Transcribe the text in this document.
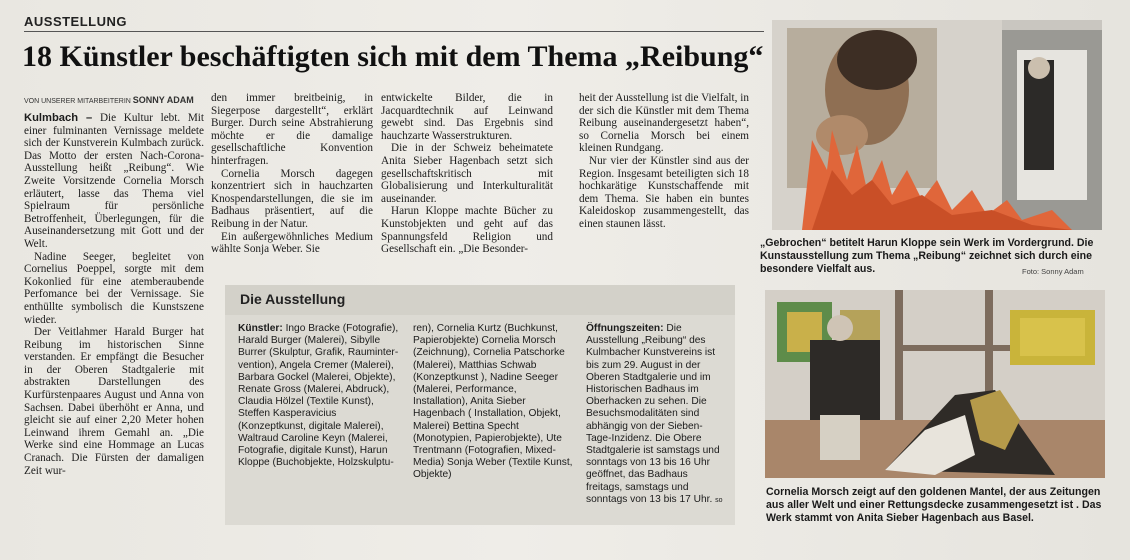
AUSSTELLUNG
18 Künstler beschäftigten sich mit dem Thema „Reibung“
VON UNSERER MITARBEITERIN SONNY ADAM

Kulmbach – Die Kultur lebt. Mit einer fulminanten Vernissage meldete sich der Kunstverein Kulmbach zurück. Das Motto der ersten Nach-Corona-Ausstellung heißt „Reibung“. Wie Zweite Vorsitzende Cornelia Morsch erläutert, lasse das Thema viel Spielraum für persönliche Betroffenheit, Überlegungen, für die Auseinandersetzung mit Gott und der Welt.

Nadine Seeger, begleitet von Cornelius Poeppel, sorgte mit dem Kokonlied für eine atemberaubende Perfomance bei der Vernissage. Sie enthüllte symbolisch die Kunstszene wieder.

Der Veitlahmer Harald Burger hat Reibung im historischen Sinne verstanden. Er empfängt die Besucher in der Oberen Stadtgalerie mit abstrakten Darstellungen des Kurfürstenpaares August und Anna von Sachsen. Dabei überhöht er Anna, und gleicht sie auf einer 2,20 Meter hohen Leinwand ihrem Gemahl an. „Die Werke sind eine Hommage an Lucas Cranach. Die Fürsten der damaligen Zeit wur-

den immer breitbeinig, in Siegerpose dargestellt“, erklärt Burger. Durch seine Abstrahierung möchte er die damalige gesellschaftliche Konvention hinterfragen.

Cornelia Morsch dagegen konzentriert sich in hauchzarten Knospendarstellungen, die sie im Badhaus präsentiert, auf die Reibung in der Natur.

Ein außergewöhnliches Medium wählte Sonja Weber. Sie

entwickelte Bilder, die in Jacquardtechnik auf Leinwand gewebt sind. Das Ergebnis sind hauchzarte Wasserstrukturen.

Die in der Schweiz beheimatete Anita Sieber Hagenbach setzt sich gesellschaftskritisch mit Globalisierung und Interkulturalität auseinander.

Harun Kloppe machte Bücher zu Kunstobjekten und geht auf das Spannungsfeld Religion und Gesellschaft ein. „Die Besonder-

heit der Ausstellung ist die Vielfalt, in der sich die Künstler mit dem Thema Reibung auseinandergesetzt haben“, so Cornelia Morsch bei einem kleinen Rundgang.

Nur vier der Künstler sind aus der Region. Insgesamt beteiligten sich 18 hochkarätige Kunstschaffende mit dem Thema. Sie haben ein buntes Kaleidoskop zusammengestellt, das einen staunen lässt.

Die Ausstellung
Künstler: Ingo Bracke (Fotografie), Harald Burger (Malerei), Sibylle Burrer (Skulptur, Grafik, Raumintervention), Angela Cremer (Malerei), Barbara Gockel (Malerei, Objekte), Renate Gross (Malerei, Abdruck), Claudia Hölzel (Textile Kunst), Steffen Kasperavicius (Konzeptkunst, digitale Malerei), Waltraud Caroline Keyn (Malerei, Fotografie, digitale Kunst), Harun Kloppe (Buchobjekte, Holzskulptu-
ren), Cornelia Kurtz (Buchkunst, Papierobjekte) Cornelia Morsch (Zeichnung), Cornelia Patschorke (Malerei), Matthias Schwab (Konzeptkunst ), Nadine Seeger (Malerei, Performance, Installation), Anita Sieber Hagenbach ( Installation, Objekt, Malerei) Bettina Specht (Monotypien, Papierobjekte), Ute Trentmann (Fotografien, Mixed-Media) Sonja Weber (Textile Kunst, Objekte)
Öffnungszeiten: Die Ausstellung „Reibung“ des Kulmbacher Kunstvereins ist bis zum 29. August in der Oberen Stadtgalerie und im Historischen Badhaus im Oberhacken zu sehen. Die Besuchsmodalitäten sind abhängig von der Sieben-Tage-Inzidenz. Die Obere Stadtgalerie ist samstags und sonntags von 13 bis 16 Uhr geöffnet, das Badhaus freitags, samstags und sonntags von 13 bis 17 Uhr. so
„Gebrochen“ betitelt Harun Kloppe sein Werk im Vordergrund. Die Kunstausstellung zum Thema „Reibung“ zeichnet sich durch eine besondere Vielfalt aus.	Foto: Sonny Adam
Cornelia Morsch zeigt auf den goldenen Mantel, der aus Zeitungen aus aller Welt und einer Rettungsdecke zusammengesetzt ist . Das Werk stammt von Anita Sieber Hagenbach aus Basel.
